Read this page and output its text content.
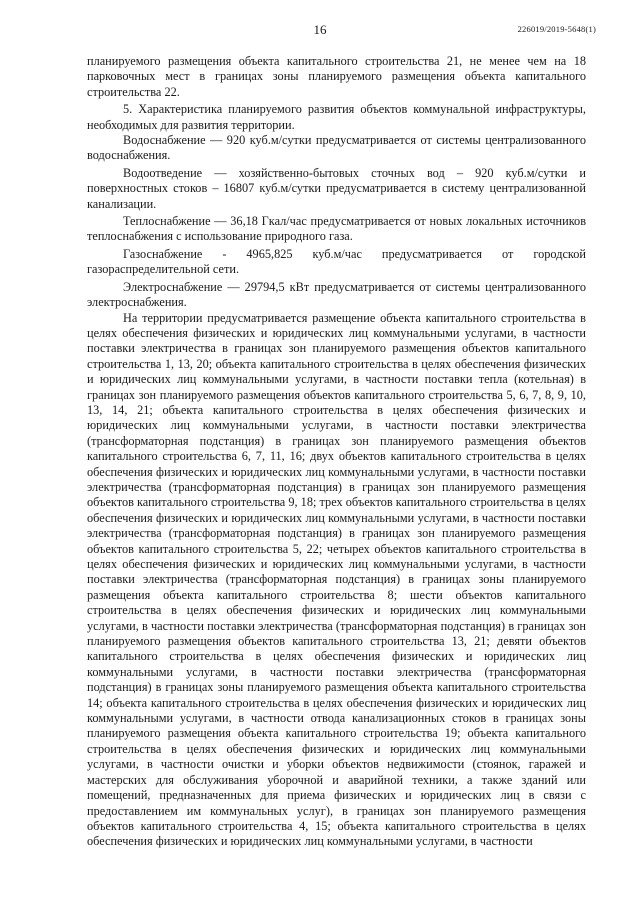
16	226019/2019-5648(1)

планируемого размещения объекта капитального строительства 21, не менее чем на 18 парковочных мест в границах зоны планируемого размещения объекта капитального строительства 22.

5. Характеристика планируемого развития объектов коммунальной инфраструктуры, необходимых для развития территории.

Водоснабжение — 920 куб.м/сутки предусматривается от системы централизованного водоснабжения.

Водоотведение — хозяйственно-бытовых сточных вод – 920 куб.м/сутки и поверхностных стоков – 16807 куб.м/сутки предусматривается в систему централизованной канализации.

Теплоснабжение — 36,18 Гкал/час предусматривается от новых локальных источников теплоснабжения с использование природного газа.

Газоснабжение - 4965,825 куб.м/час предусматривается от городской газораспределительной сети.

Электроснабжение — 29794,5 кВт предусматривается от системы централизованного электроснабжения.

На территории предусматривается размещение объекта капитального строительства в целях обеспечения физических и юридических лиц коммунальными услугами, в частности поставки электричества в границах зон планируемого размещения объектов капитального строительства 1, 13, 20; объекта капитального строительства в целях обеспечения физических и юридических лиц коммунальными услугами, в частности поставки тепла (котельная) в границах зон планируемого размещения объектов капитального строительства 5, 6, 7, 8, 9, 10, 13, 14, 21; объекта капитального строительства в целях обеспечения физических и юридических лиц коммунальными услугами, в частности поставки электричества (трансформаторная подстанция) в границах зон планируемого размещения объектов капитального строительства 6, 7, 11, 16; двух объектов капитального строительства в целях обеспечения физических и юридических лиц коммунальными услугами, в частности поставки электричества (трансформаторная подстанция) в границах зон планируемого размещения объектов капитального строительства 9, 18; трех объектов капитального строительства в целях обеспечения физических и юридических лиц коммунальными услугами, в частности поставки электричества (трансформаторная подстанция) в границах зон планируемого размещения объектов капитального строительства 5, 22; четырех объектов капитального строительства в целях обеспечения физических и юридических лиц коммунальными услугами, в частности поставки электричества (трансформаторная подстанция) в границах зоны планируемого размещения объекта капитального строительства 8; шести объектов капитального строительства в целях обеспечения физических и юридических лиц коммунальными услугами, в частности поставки электричества (трансформаторная подстанция) в границах зон планируемого размещения объектов капитального строительства 13, 21; девяти объектов капитального строительства в целях обеспечения физических и юридических лиц коммунальными услугами, в частности поставки электричества (трансформаторная подстанция) в границах зоны планируемого размещения объекта капитального строительства 14; объекта капитального строительства в целях обеспечения физических и юридических лиц коммунальными услугами, в частности отвода канализационных стоков в границах зоны планируемого размещения объекта капитального строительства 19; объекта капитального строительства в целях обеспечения физических и юридических лиц коммунальными услугами, в частности очистки и уборки объектов недвижимости (стоянок, гаражей и мастерских для обслуживания уборочной и аварийной техники, а также зданий или помещений, предназначенных для приема физических и юридических лиц в связи с предоставлением им коммунальных услуг), в границах зон планируемого размещения объектов капитального строительства 4, 15; объекта капитального строительства в целях обеспечения физических и юридических лиц коммунальными услугами, в частности
